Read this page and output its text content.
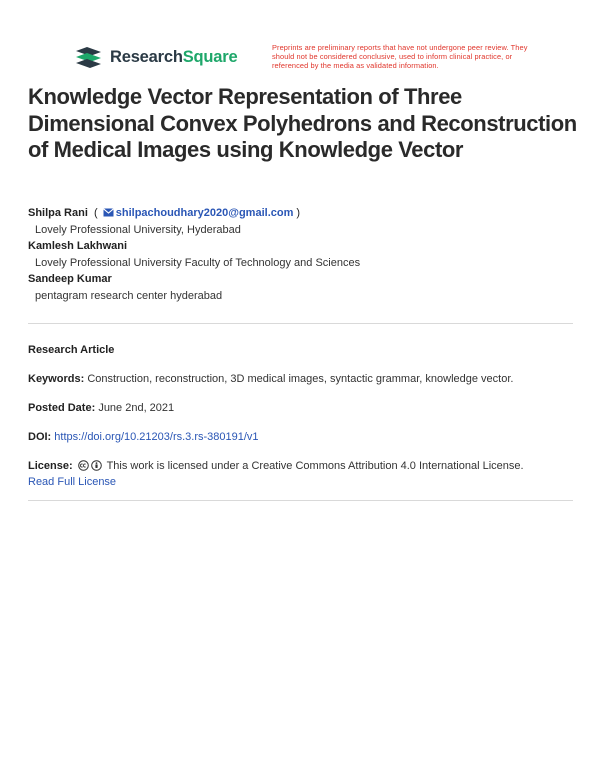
ResearchSquare	Preprints are preliminary reports that have not undergone peer review. They should not be considered conclusive, used to inform clinical practice, or referenced by the media as validated information.
Knowledge Vector Representation of Three Dimensional Convex Polyhedrons and Reconstruction of Medical Images using Knowledge Vector
Shilpa Rani  ( shilpachoudhary2020@gmail.com )
Lovely Professional University, Hyderabad
Kamlesh Lakhwani
Lovely Professional University Faculty of Technology and Sciences
Sandeep Kumar
pentagram research center hyderabad
Research Article
Keywords: Construction, reconstruction, 3D medical images, syntactic grammar, knowledge vector.
Posted Date: June 2nd, 2021
DOI: https://doi.org/10.21203/rs.3.rs-380191/v1
License:	This work is licensed under a Creative Commons Attribution 4.0 International License.
Read Full License
